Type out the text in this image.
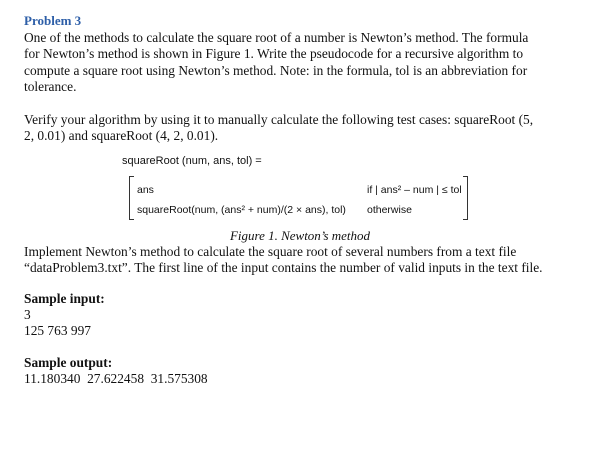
Problem 3

One of the methods to calculate the square root of a number is Newton’s method. The formula
for Newton’s method is shown in Figure 1. Write the pseudocode for a recursive algorithm to
compute a square root using Newton’s method. Note: in the formula, tol is an abbreviation for
tolerance.

Verify your algorithm by using it to manually calculate the following test cases: squareRoot (5,
2, 0.01) and squareRoot (4, 2, 0.01).

squareRoot (num, ans, tol) =
ans	if | ans² – num | ≤ tol
squareRoot(num, (ans² + num)/(2 × ans), tol) otherwise
Figure 1. Newton’s method

Implement Newton’s method to calculate the square root of several numbers from a text file
“dataProblem3.txt”. The first line of the input contains the number of valid inputs in the text file.

Sample input:
3
125 763 997
Sample output:
11.180340  27.622458  31.575308
